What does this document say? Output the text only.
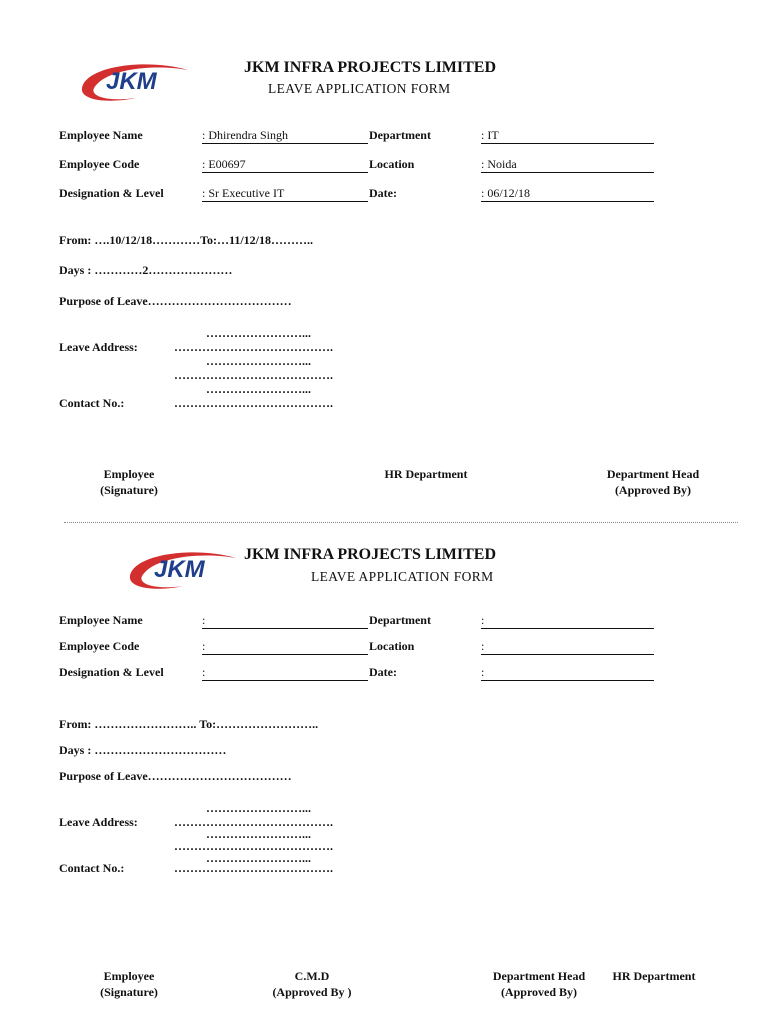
JKM
JKM INFRA PROJECTS LIMITED
LEAVE APPLICATION FORM
Employee Name	: Dhirendra Singh	Department	: IT
Employee Code	: E00697	Location	: Noida
Designation & Level	: Sr Executive IT	Date:	: 06/12/18
From: ….10/12/18…………To:…11/12/18………..
Days : …………2…………………
Purpose of Leave………………………………
……………………...
Leave Address:	………………………………….
……………………...
………………………………….
……………………...
Contact No.:	………………………………….
Employee
(Signature)
HR Department	Department Head
(Approved By)
JKM
JKM INFRA PROJECTS LIMITED
LEAVE APPLICATION FORM
Employee Name	:	Department	:
Employee Code	:	Location	:
Designation & Level	:	Date:	:
From: …………………….. To:……………………..
Days : ……………………………
Purpose of Leave………………………………
……………………...
Leave Address:	………………………………….
……………………...
………………………………….
……………………...
Contact No.:	………………………………….
Employee
(Signature)
C.M.D
(Approved By )
Department Head
(Approved By)
HR Department
